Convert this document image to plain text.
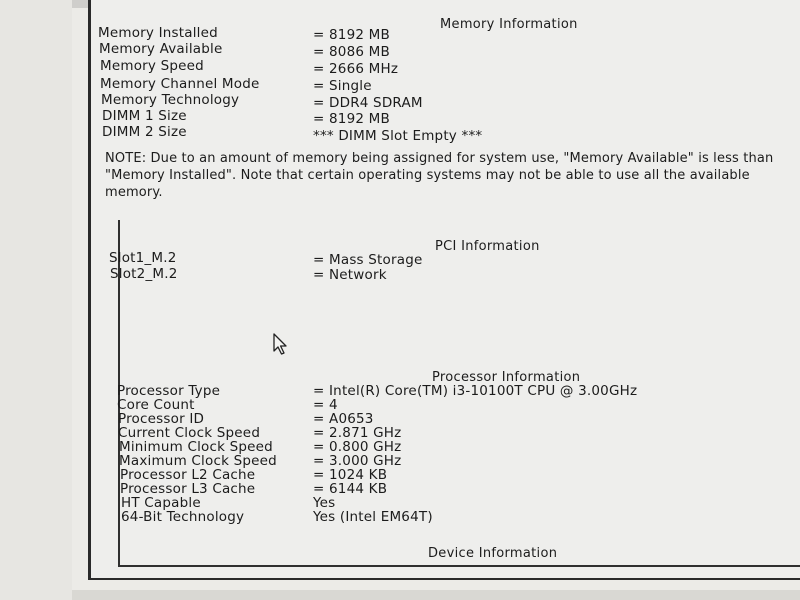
Memory Information
Memory Installed	= 8192 MB
Memory Available	= 8086 MB
Memory Speed	= 2666 MHz
Memory Channel Mode	= Single
Memory Technology	= DDR4 SDRAM
DIMM 1 Size	= 8192 MB
DIMM 2 Size	*** DIMM Slot Empty ***
NOTE: Due to an amount of memory being assigned for system use, "Memory Available" is less than "Memory Installed". Note that certain operating systems may not be able to use all the available memory.
PCI Information
Slot1_M.2	= Mass Storage
Slot2_M.2	= Network
Processor Information
Processor Type	= Intel(R) Core(TM) i3-10100T CPU @ 3.00GHz
Core Count	= 4
Processor ID	= A0653
Current Clock Speed	= 2.871 GHz
Minimum Clock Speed	= 0.800 GHz
Maximum Clock Speed	= 3.000 GHz
Processor L2 Cache	= 1024 KB
Processor L3 Cache	= 6144 KB
HT Capable	Yes
64-Bit Technology	Yes (Intel EM64T)
Device Information
